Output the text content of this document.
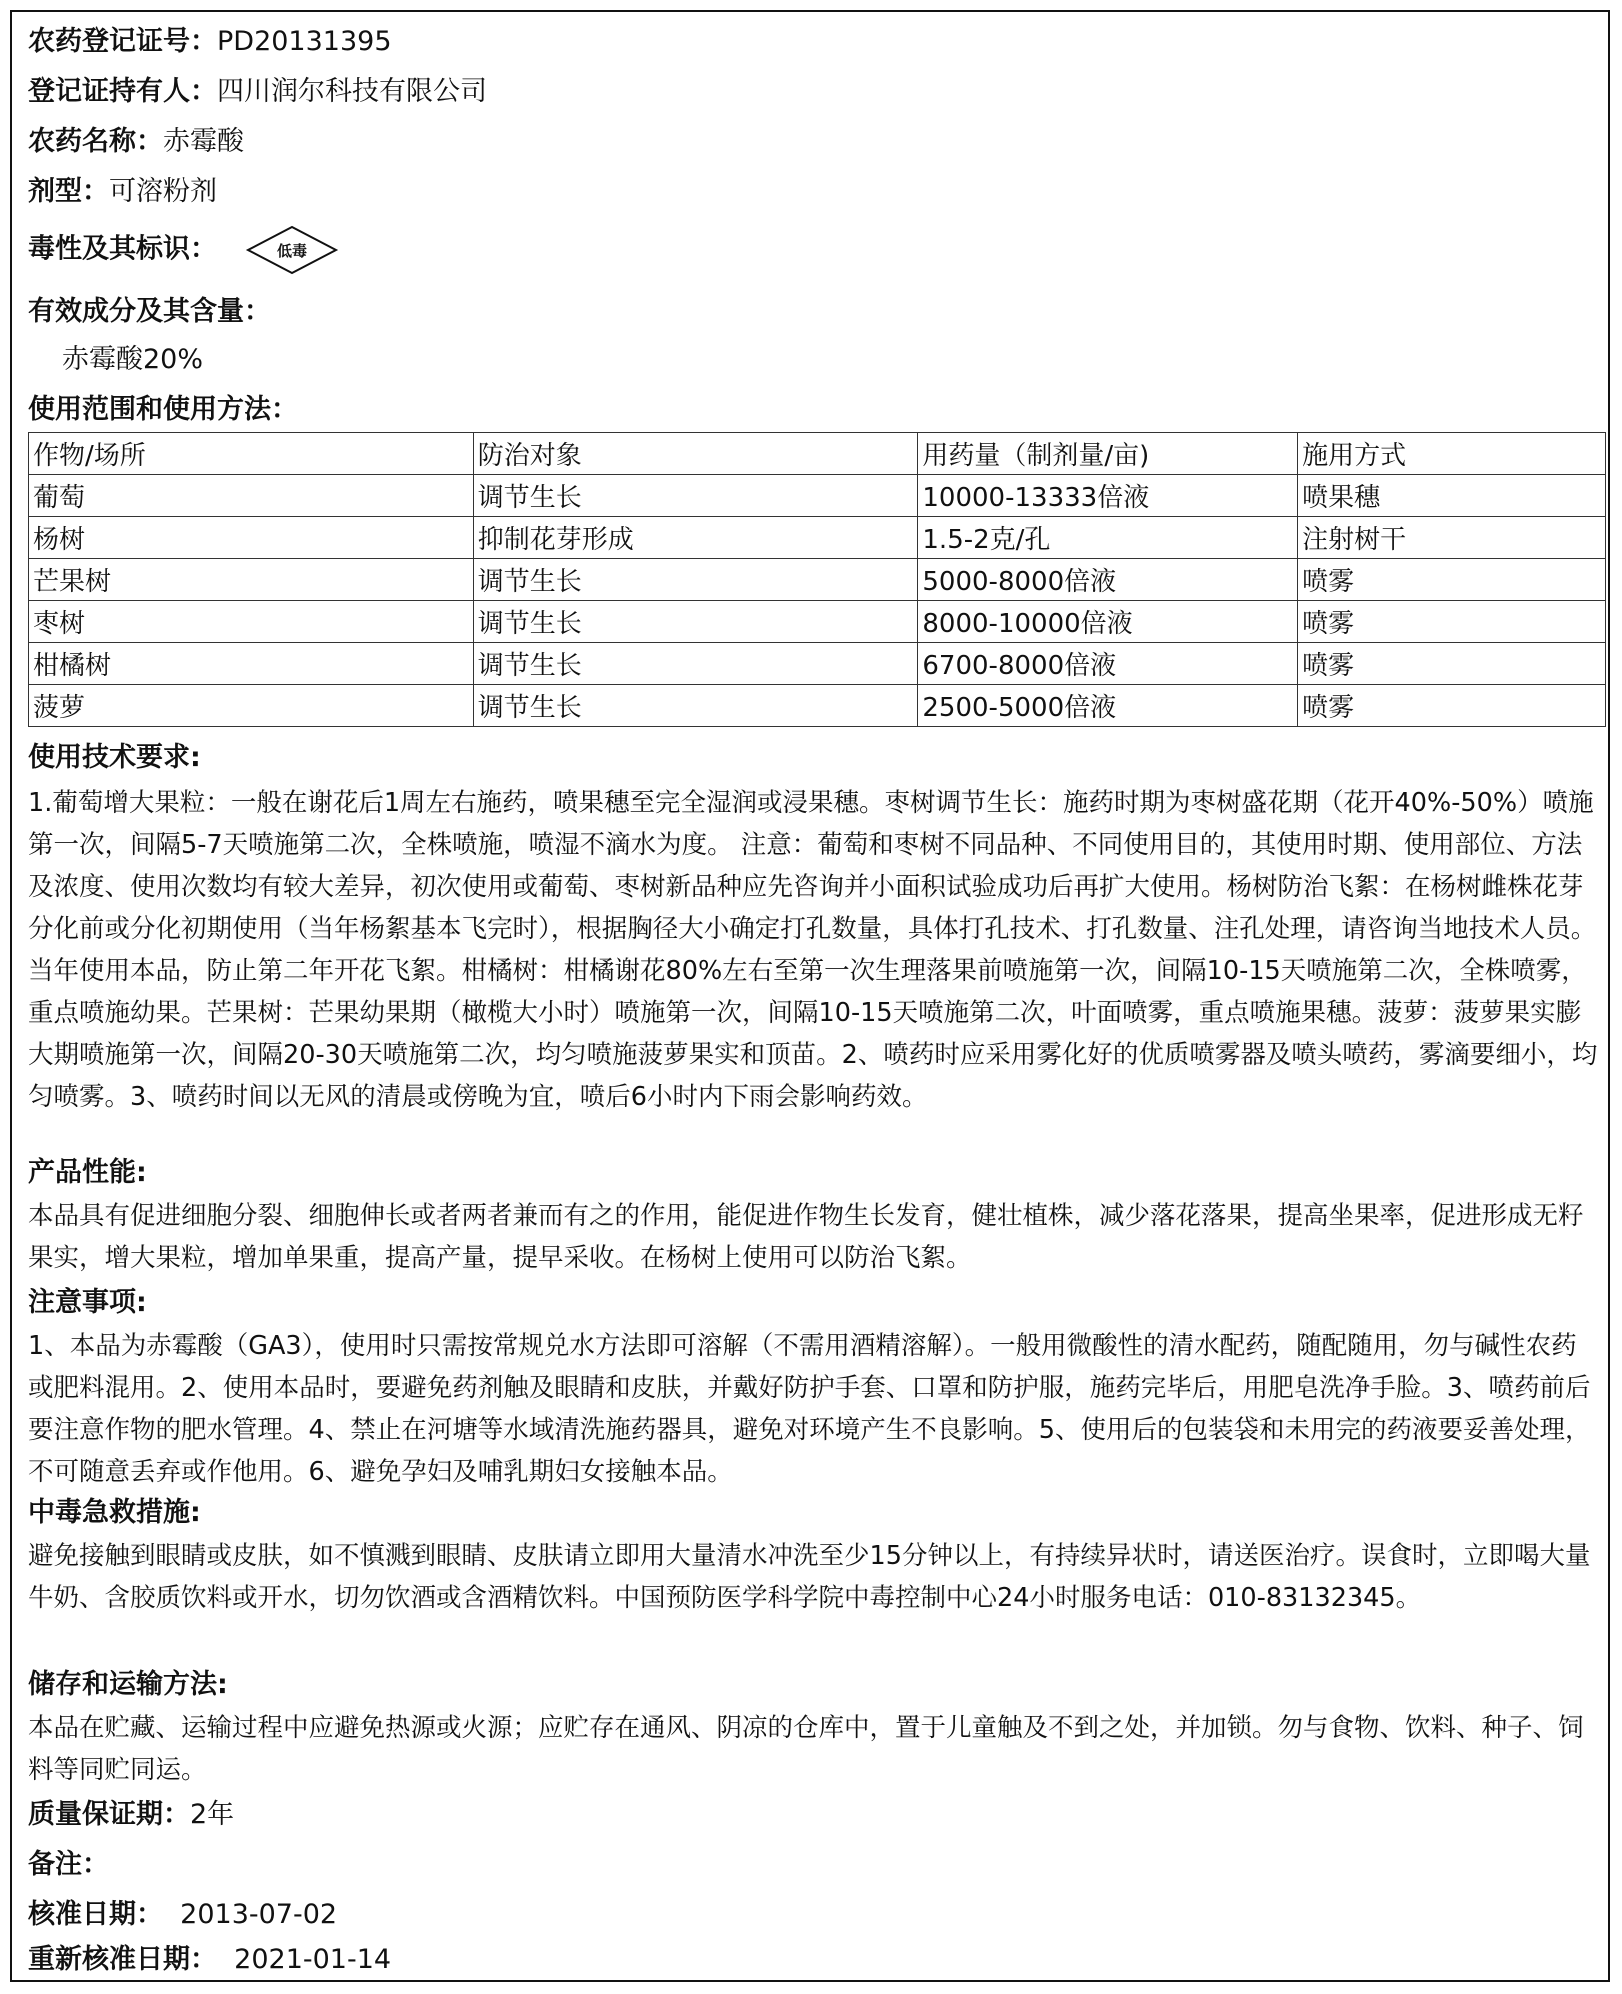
农药登记证号：PD20131395
登记证持有人：四川润尔科技有限公司
农药名称：赤霉酸
剂型：可溶粉剂
毒性及其标识：	低毒
有效成分及其含量：
赤霉酸20%
使用范围和使用方法：
作物/场所	防治对象	用药量（制剂量/亩)	施用方式
葡萄	调节生长	10000-13333倍液	喷果穗
杨树	抑制花芽形成	1.5-2克/孔	注射树干
芒果树	调节生长	5000-8000倍液	喷雾
枣树	调节生长	8000-10000倍液	喷雾
柑橘树	调节生长	6700-8000倍液	喷雾
菠萝	调节生长	2500-5000倍液	喷雾
使用技术要求:
1.葡萄增大果粒：一般在谢花后1周左右施药，喷果穗至完全湿润或浸果穗。枣树调节生长：施药时期为枣树盛花期（花开40%-50%）喷施第一次，间隔5-7天喷施第二次，全株喷施，喷湿不滴水为度。 注意：葡萄和枣树不同品种、不同使用目的，其使用时期、使用部位、方法及浓度、使用次数均有较大差异，初次使用或葡萄、枣树新品种应先咨询并小面积试验成功后再扩大使用。杨树防治飞絮：在杨树雌株花芽分化前或分化初期使用（当年杨絮基本飞完时），根据胸径大小确定打孔数量，具体打孔技术、打孔数量、注孔处理，请咨询当地技术人员。当年使用本品，防止第二年开花飞絮。柑橘树：柑橘谢花80%左右至第一次生理落果前喷施第一次，间隔10-15天喷施第二次，全株喷雾，重点喷施幼果。芒果树：芒果幼果期（橄榄大小时）喷施第一次，间隔10-15天喷施第二次，叶面喷雾，重点喷施果穗。菠萝：菠萝果实膨大期喷施第一次，间隔20-30天喷施第二次，均匀喷施菠萝果实和顶苗。2、喷药时应采用雾化好的优质喷雾器及喷头喷药，雾滴要细小，均匀喷雾。3、喷药时间以无风的清晨或傍晚为宜，喷后6小时内下雨会影响药效。
产品性能:
本品具有促进细胞分裂、细胞伸长或者两者兼而有之的作用，能促进作物生长发育，健壮植株，减少落花落果，提高坐果率，促进形成无籽果实，增大果粒，增加单果重，提高产量，提早采收。在杨树上使用可以防治飞絮。
注意事项:
1、本品为赤霉酸（GA3），使用时只需按常规兑水方法即可溶解（不需用酒精溶解）。一般用微酸性的清水配药，随配随用，勿与碱性农药或肥料混用。2、使用本品时，要避免药剂触及眼睛和皮肤，并戴好防护手套、口罩和防护服，施药完毕后，用肥皂洗净手脸。3、喷药前后要注意作物的肥水管理。4、禁止在河塘等水域清洗施药器具，避免对环境产生不良影响。5、使用后的包装袋和未用完的药液要妥善处理，不可随意丢弃或作他用。6、避免孕妇及哺乳期妇女接触本品。
中毒急救措施:
避免接触到眼睛或皮肤，如不慎溅到眼睛、皮肤请立即用大量清水冲洗至少15分钟以上，有持续异状时，请送医治疗。误食时，立即喝大量牛奶、含胶质饮料或开水，切勿饮酒或含酒精饮料。中国预防医学科学院中毒控制中心24小时服务电话：010-83132345。
储存和运输方法:
本品在贮藏、运输过程中应避免热源或火源；应贮存在通风、阴凉的仓库中，置于儿童触及不到之处，并加锁。勿与食物、饮料、种子、饲料等同贮同运。
质量保证期：2年
备注：
核准日期： 2013-07-02
重新核准日期： 2021-01-14
